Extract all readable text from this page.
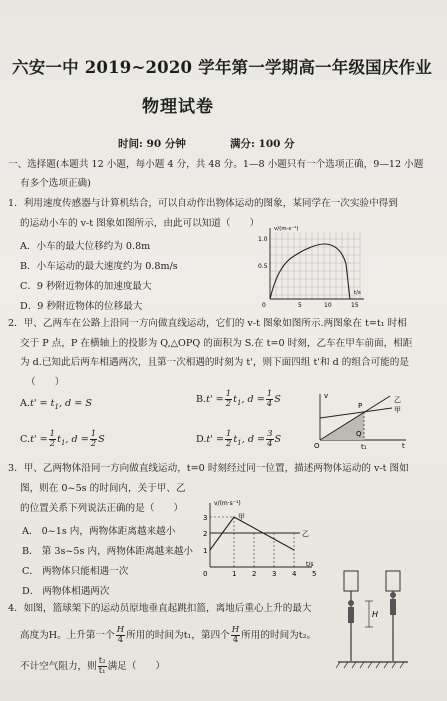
六安一中 2019~2020 学年第一学期高一年级国庆作业
物理试卷
时间: 90 分钟	满分: 100 分
一、选择题(本题共 12 小题，每小题 4 分，共 48 分。1—8 小题只有一个选项正确，9—12 小题
有多个选项正确)
1．利用速度传感器与计算机结合，可以自动作出物体运动的图象，某同学在一次实验中得到
的运动小车的 v-t 图象如图所示，由此可以知道（　　）
A．小车的最大位移约为 0.8m
B．小车运动的最大速度约为 0.8m/s
C．9 秒附近物体的加速度最大
D．9 秒附近物体的位移最大
v/(m·s⁻¹)
1.0
0.5
0	5	10	15
t/s
2．甲、乙两车在公路上沿同一方向做直线运动，它们的 v-t 图象如图所示.两图象在 t=t₁ 时相
交于 P 点，P 在横轴上的投影为 Q,△OPQ 的面积为 S.在 t=0 时刻，乙车在甲车前面，相距
为 d.已知此后两车相遇两次，且第一次相遇的时刻为 t'，则下面四组 t'和 d 的组合可能的是
（　　）
$A.t' = t_1$, d = S	$B.t' = \frac{1}{2} t_1$, $d = \frac{1}{4}$ S
$C.t' = \frac{1}{2} t_1$, $d = \frac{1}{2}$ S	$D.t' = \frac{1}{2} t_1$, $d = \frac{3}{4}$ S
v
t
乙
甲
P
O
Q
t₁
3．甲、乙两物体沿同一方向做直线运动，t=0 时刻经过同一位置，描述两物体运动的 v-t 图如
图，则在 0~5s 的时间内，关于甲、乙
的位置关系下列说法正确的是（　　）
A． 0~1s 内，两物体距离越来越小
B． 第 3s~5s 内，两物体距离越来越小
C． 两物体只能相遇一次
D． 两物体相遇两次
v/(m·s⁻¹)
甲
乙
3
2
1
0	1 2 3 4 5
t/s
4．如图，篮球架下的运动员原地垂直起跳扣篮，离地后重心上升的最大
高度为H。上升第一个 $\frac{H}{4}$ 所用的时间为t₁，第四个 $\frac{H}{4}$ 所用的时间为t₂。
不计空气阻力，则 $\frac{\text{t₂}}{\text{t₁}}$ 满足（　　）
H
